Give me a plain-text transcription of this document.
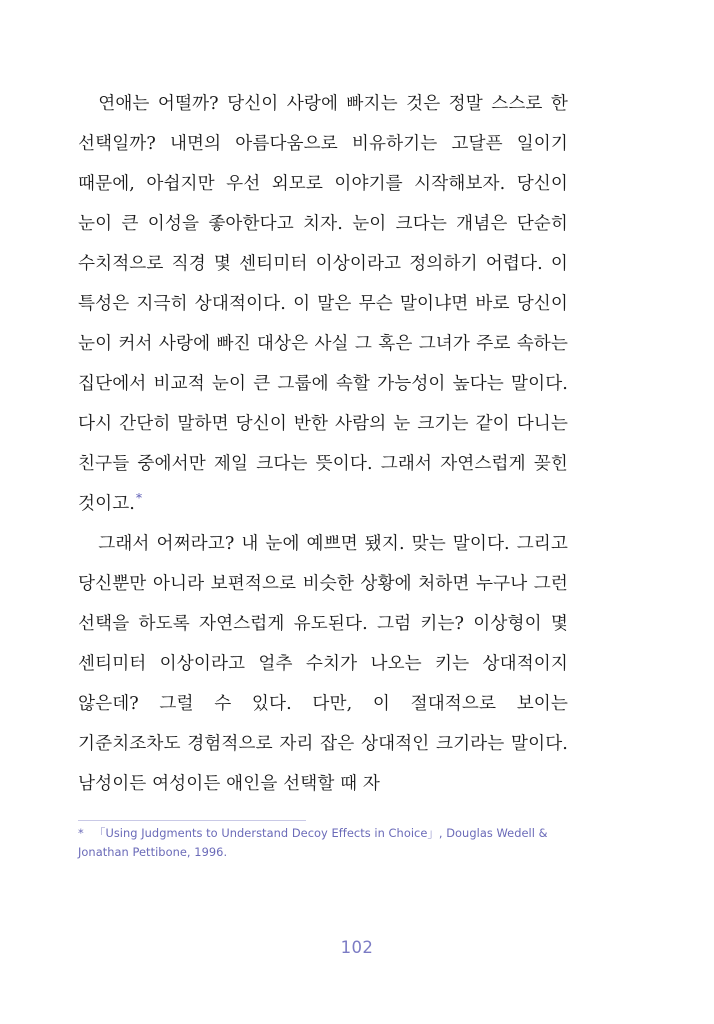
연애는 어떨까? 당신이 사랑에 빠지는 것은 정말 스스로 한 선택일까? 내면의 아름다움으로 비유하기는 고달픈 일이기 때문에, 아쉽지만 우선 외모로 이야기를 시작해보자. 당신이 눈이 큰 이성을 좋아한다고 치자. 눈이 크다는 개념은 단순히 수치적으로 직경 몇 센티미터 이상이라고 정의하기 어렵다. 이 특성은 지극히 상대적이다. 이 말은 무슨 말이냐면 바로 당신이 눈이 커서 사랑에 빠진 대상은 사실 그 혹은 그녀가 주로 속하는 집단에서 비교적 눈이 큰 그룹에 속할 가능성이 높다는 말이다. 다시 간단히 말하면 당신이 반한 사람의 눈 크기는 같이 다니는 친구들 중에서만 제일 크다는 뜻이다. 그래서 자연스럽게 꽂힌 것이고.*

그래서 어쩌라고? 내 눈에 예쁘면 됐지. 맞는 말이다. 그리고 당신뿐만 아니라 보편적으로 비슷한 상황에 처하면 누구나 그런 선택을 하도록 자연스럽게 유도된다. 그럼 키는? 이상형이 몇 센티미터 이상이라고 얼추 수치가 나오는 키는 상대적이지 않은데? 그럴 수 있다. 다만, 이 절대적으로 보이는 기준치조차도 경험적으로 자리 잡은 상대적인 크기라는 말이다. 남성이든 여성이든 애인을 선택할 때 자

* 「Using Judgments to Understand Decoy Effects in Choice」, Douglas Wedell & Jonathan Pettibone, 1996.
102
